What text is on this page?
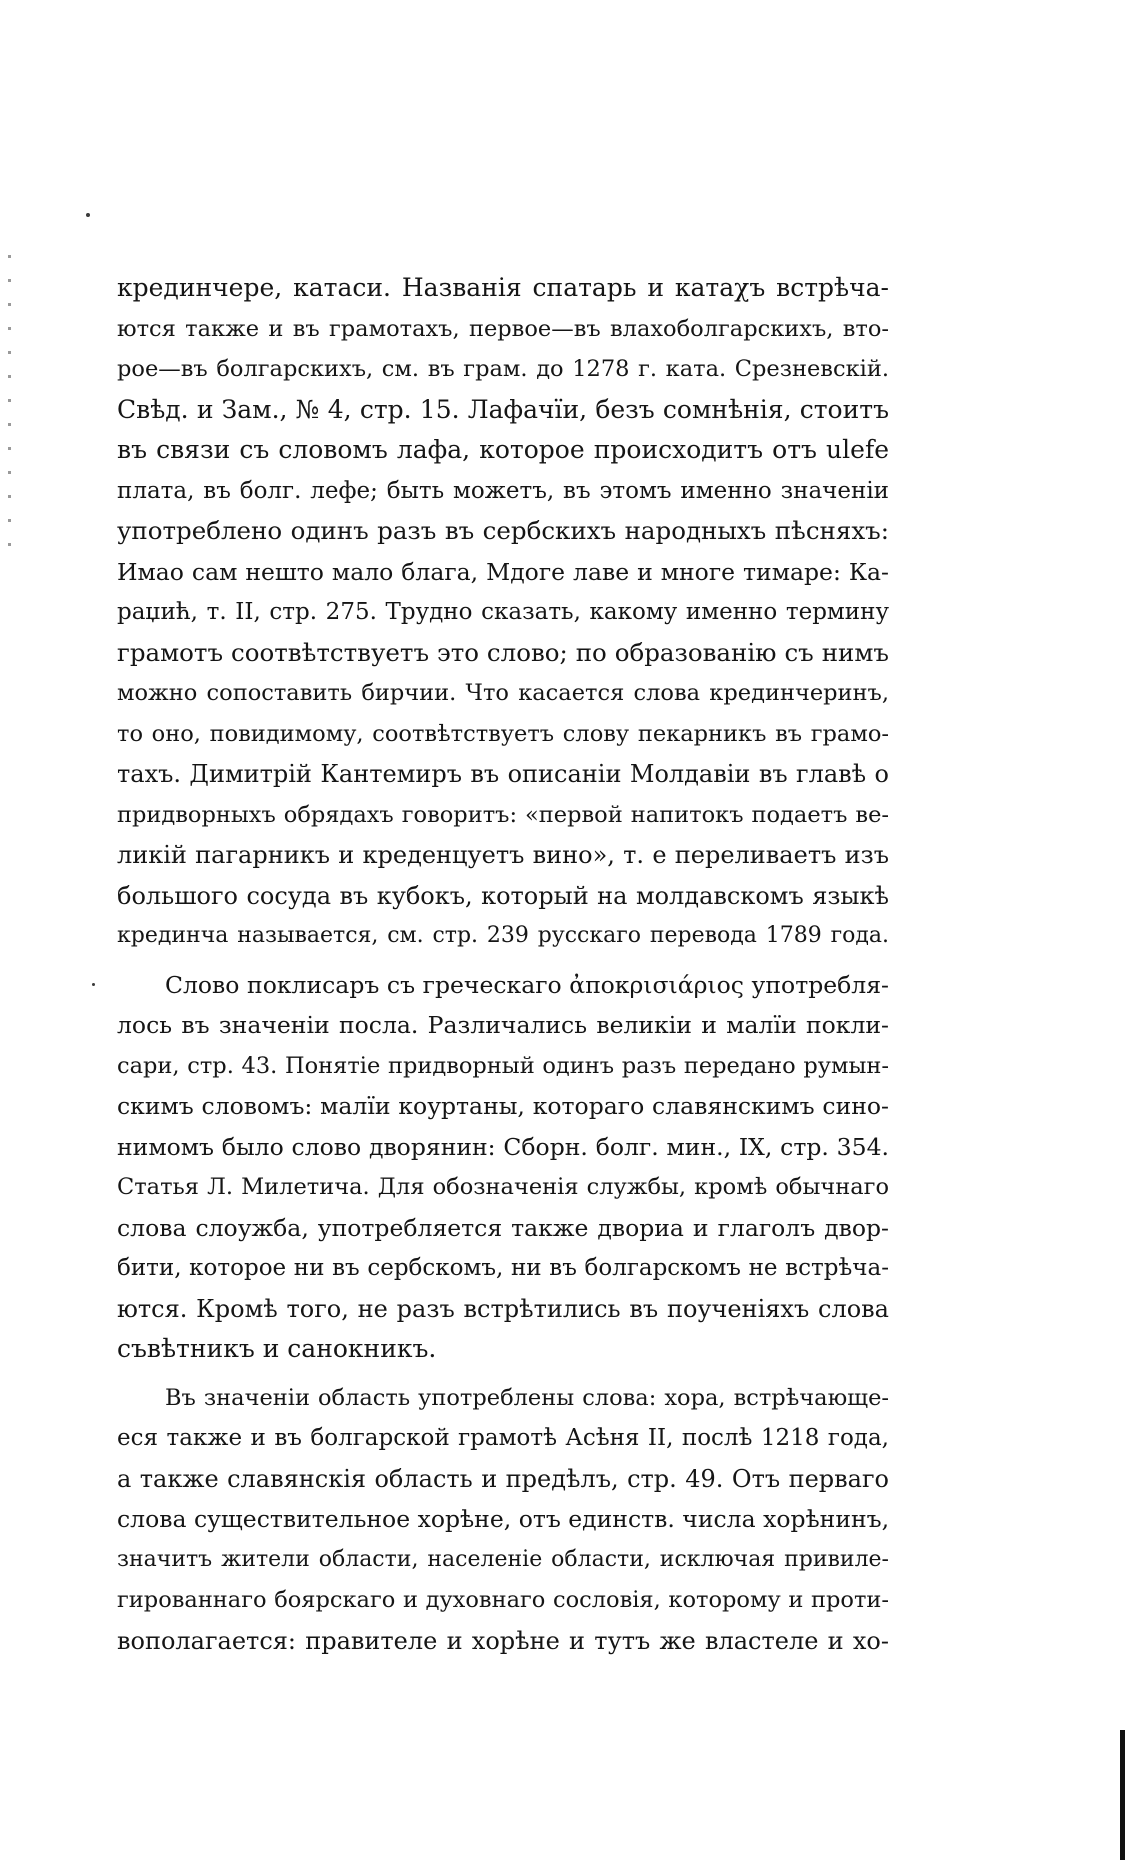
крединчере, катаси. Названія спатарь и катаχъ встрѣча-
ются также и въ грамотахъ, первое—въ влахоболгарскихъ, вто-
рое—въ болгарскихъ, см. въ грам. до 1278 г. ката. Срезневскій.
Свѣд. и Зам., № 4, стр. 15. Лафачїи, безъ сомнѣнія, стоитъ
въ связи съ словомъ лафа, которое происходитъ отъ ulefe
плата, въ болг. лефе; быть можетъ, въ этомъ именно значеніи
употреблено одинъ разъ въ сербскихъ народныхъ пѣсняхъ:
Имао сам нешто мало блага, Мдоге лаве и многе тимаре: Ка-
раџић, т. II, стр. 275. Трудно сказать, какому именно термину
грамотъ соотвѣтствуетъ это слово; по образованію съ нимъ
можно сопоставить бирчии. Что касается слова крединчеринъ,
то оно, повидимому, соотвѣтствуетъ слову пекарникъ въ грамо-
тахъ. Димитрій Кантемиръ въ описаніи Молдавіи въ главѣ о
придворныхъ обрядахъ говоритъ: «первой напитокъ подаетъ ве-
ликій пагарникъ и креденцуетъ вино», т. е переливаетъ изъ
большого сосуда въ кубокъ, который на молдавскомъ языкѣ
крединча называется, см. стр. 239 русскаго перевода 1789 года.
Слово поклисаръ съ греческаго ἀποκρισιάριος употребля-
лось въ значеніи посла. Различались великіи и малїи покли-
сари, стр. 43. Понятіе придворный одинъ разъ передано румын-
скимъ словомъ: малїи коуртаны, котораго славянскимъ сино-
нимомъ было слово дворянин: Сборн. болг. мин., IX, стр. 354.
Статья Л. Милетича. Для обозначенія службы, кромѣ обычнаго
слова слоужба, употребляется также двориа и глаголъ двор-
бити, которое ни въ сербскомъ, ни въ болгарскомъ не встрѣча-
ются. Кромѣ того, не разъ встрѣтились въ поученіяхъ слова
съвѣтникъ и санокникъ.
Въ значеніи область употреблены слова: хора, встрѣчающе-
еся также и въ болгарской грамотѣ Асѣня II, послѣ 1218 года,
а также славянскія область и предѣлъ, стр. 49. Отъ перваго
слова существительное хорѣне, отъ единств. числа хорѣнинъ,
значитъ жители области, населеніе области, исключая привиле-
гированнаго боярскаго и духовнаго сословія, которому и проти-
вополагается: правителе и хорѣне и тутъ же властеле и хо-
